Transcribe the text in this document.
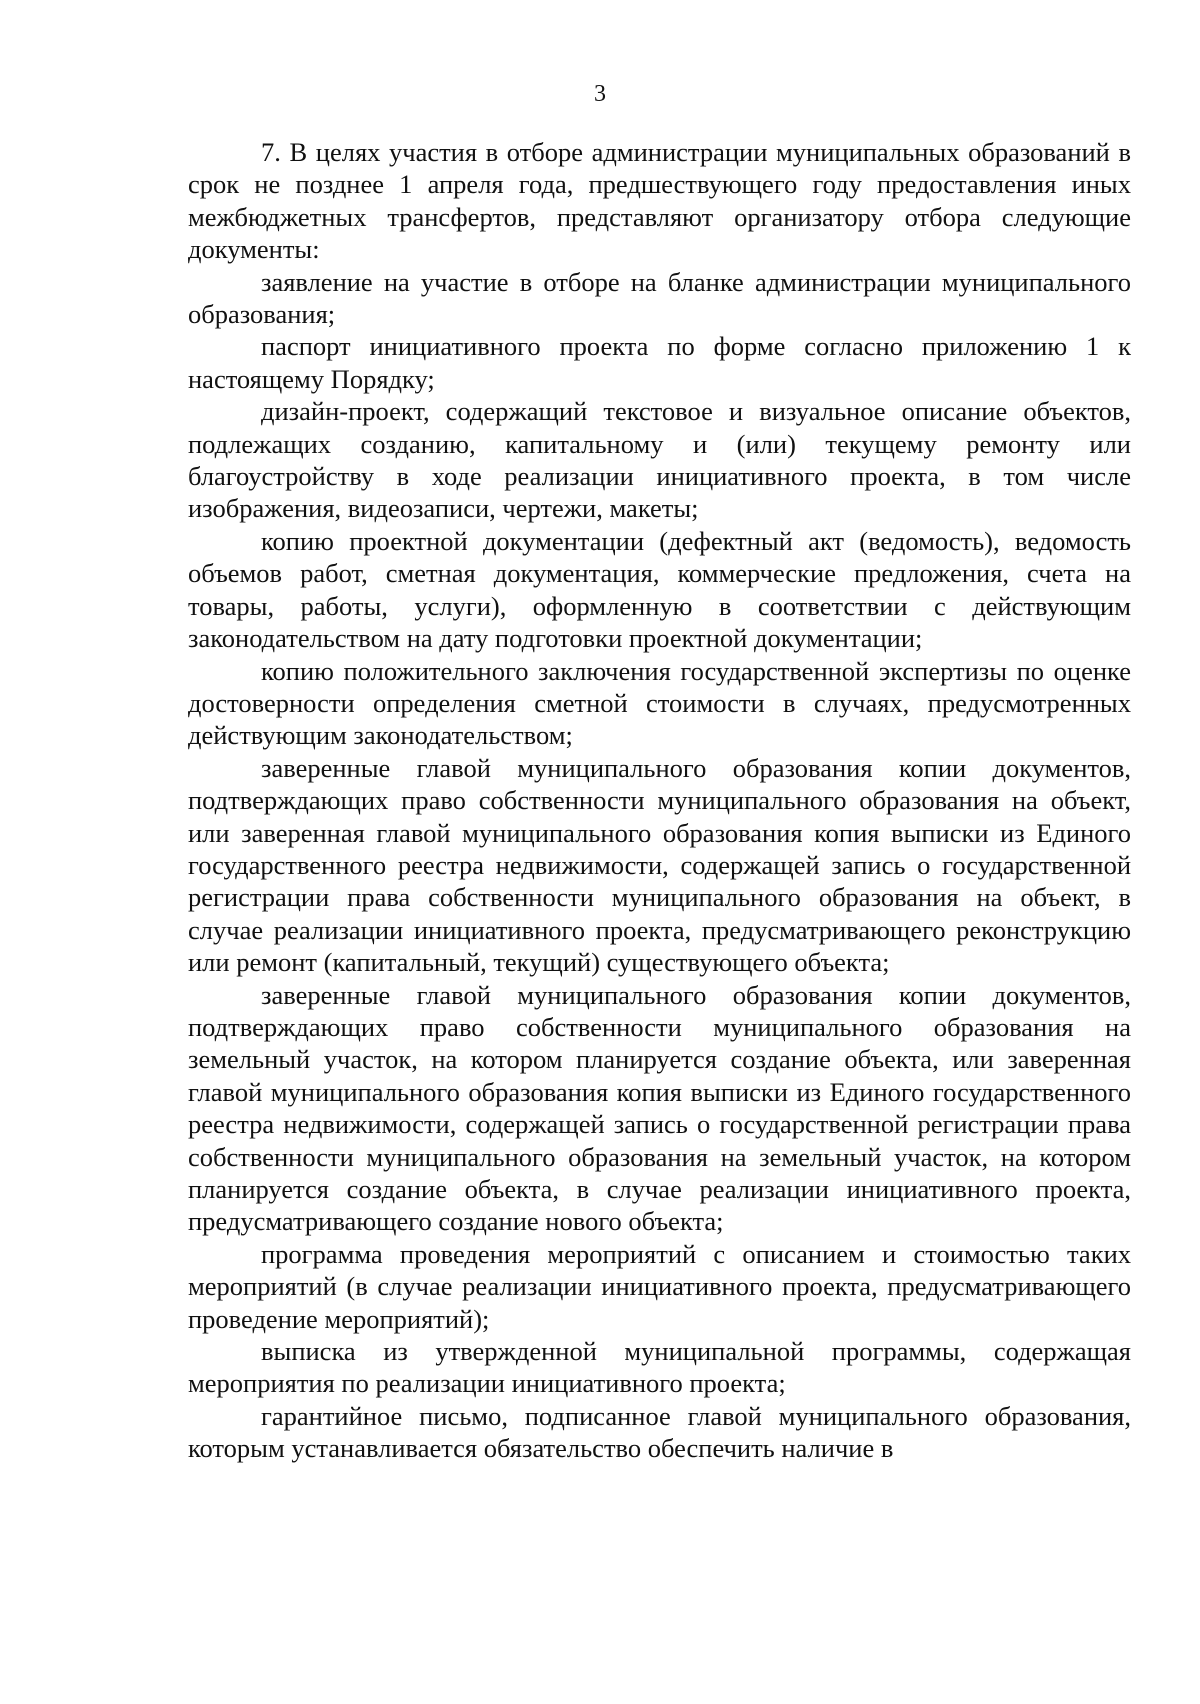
3

7. В целях участия в отборе администрации муниципальных образований в срок не позднее 1 апреля года, предшествующего году предоставления иных межбюджетных трансфертов, представляют организатору отбора следующие документы:

заявление на участие в отборе на бланке администрации муниципального образования;

паспорт инициативного проекта по форме согласно приложению 1 к настоящему Порядку;

дизайн-проект, содержащий текстовое и визуальное описание объектов, подлежащих созданию, капитальному и (или) текущему ремонту или благоустройству в ходе реализации инициативного проекта, в том числе изображения, видеозаписи, чертежи, макеты;

копию проектной документации (дефектный акт (ведомость), ведомость объемов работ, сметная документация, коммерческие предложения, счета на товары, работы, услуги), оформленную в соответствии с действующим законодательством на дату подготовки проектной документации;

копию положительного заключения государственной экспертизы по оценке достоверности определения сметной стоимости в случаях, предусмотренных действующим законодательством;

заверенные главой муниципального образования копии документов, подтверждающих право собственности муниципального образования на объект, или заверенная главой муниципального образования копия выписки из Единого государственного реестра недвижимости, содержащей запись о государственной регистрации права собственности муниципального образования на объект, в случае реализации инициативного проекта, предусматривающего реконструкцию или ремонт (капитальный, текущий) существующего объекта;

заверенные главой муниципального образования копии документов, подтверждающих право собственности муниципального образования на земельный участок, на котором планируется создание объекта, или заверенная главой муниципального образования копия выписки из Единого государственного реестра недвижимости, содержащей запись о государственной регистрации права собственности муниципального образования на земельный участок, на котором планируется создание объекта, в случае реализации инициативного проекта, предусматривающего создание нового объекта;

программа проведения мероприятий с описанием и стоимостью таких мероприятий (в случае реализации инициативного проекта, предусматривающего проведение мероприятий);

выписка из утвержденной муниципальной программы, содержащая мероприятия по реализации инициативного проекта;

гарантийное письмо, подписанное главой муниципального образования, которым устанавливается обязательство обеспечить наличие в
